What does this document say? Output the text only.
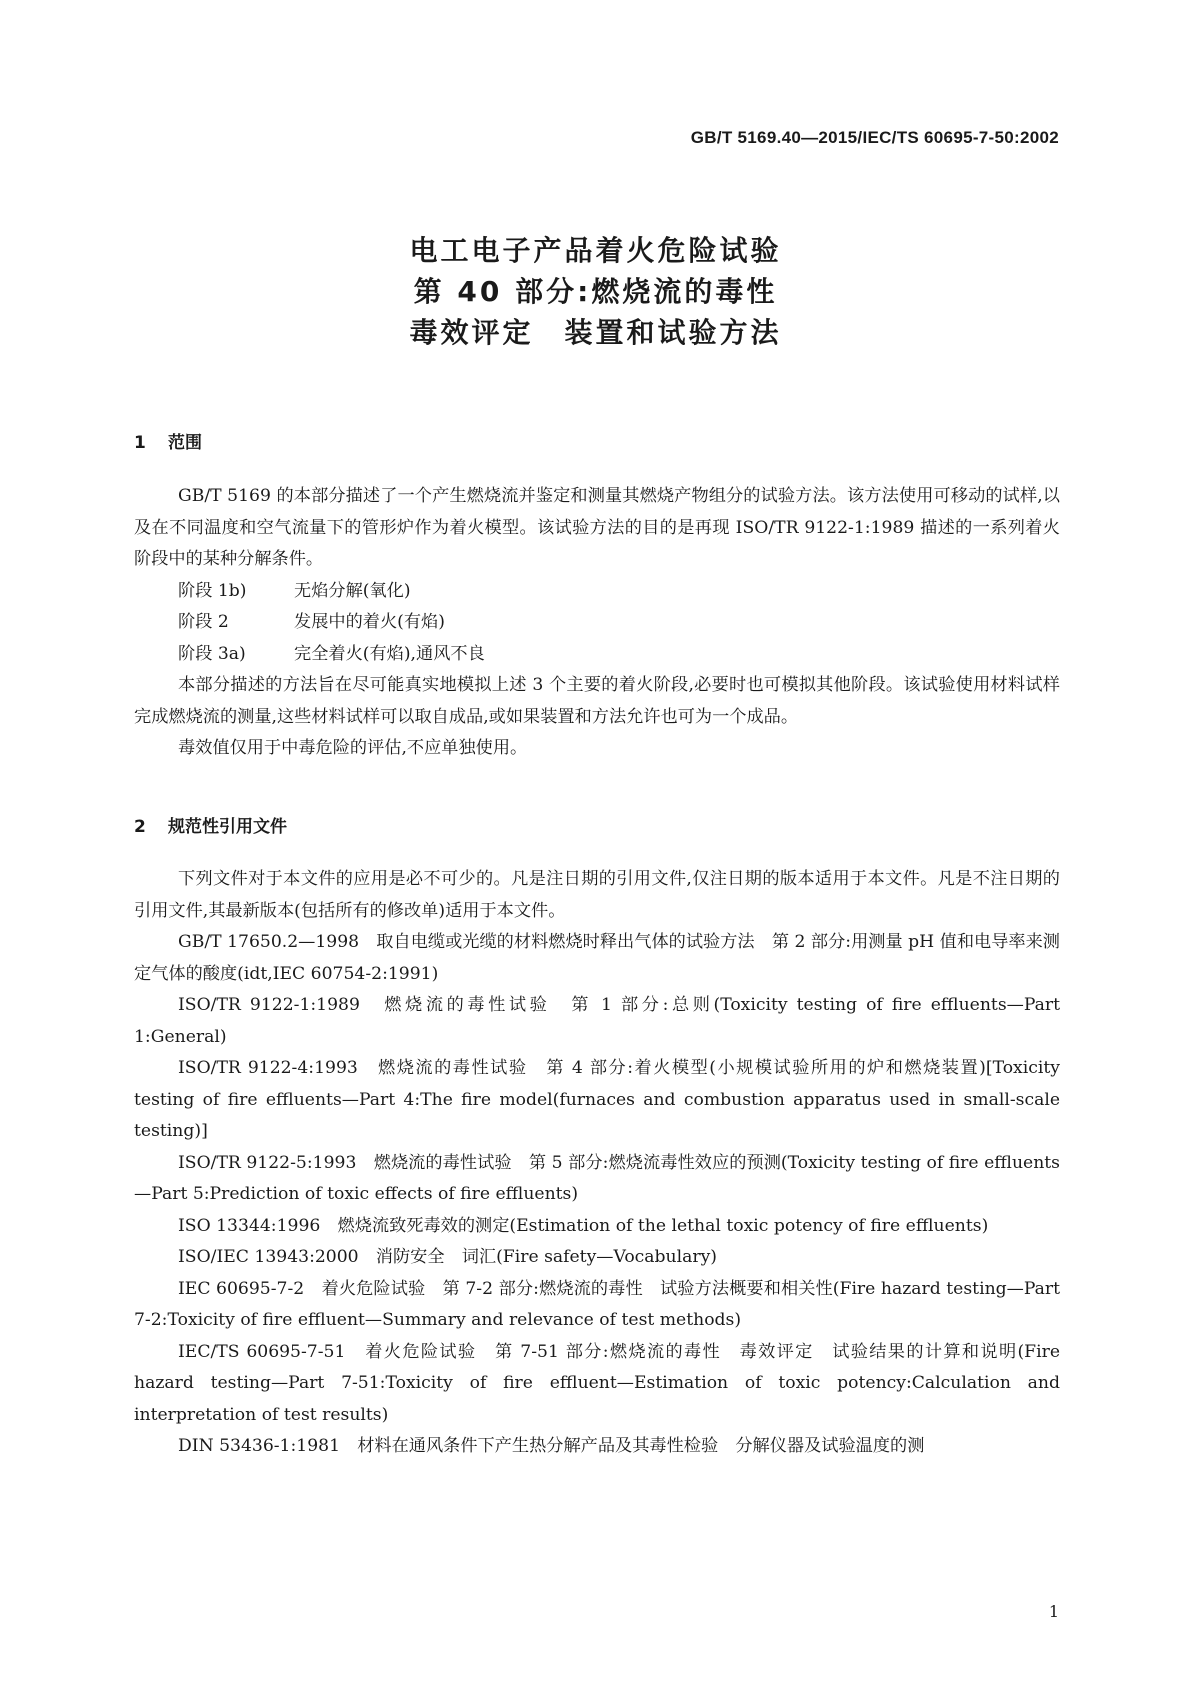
GB/T 5169.40—2015/IEC/TS 60695-7-50:2002
电工电子产品着火危险试验
第 40 部分:燃烧流的毒性
毒效评定　装置和试验方法
1 范围

GB/T 5169 的本部分描述了一个产生燃烧流并鉴定和测量其燃烧产物组分的试验方法。该方法使用可移动的试样,以及在不同温度和空气流量下的管形炉作为着火模型。该试验方法的目的是再现 ISO/TR 9122-1:1989 描述的一系列着火阶段中的某种分解条件。

阶段 1b)	无焰分解(氧化)

阶段 2	发展中的着火(有焰)

阶段 3a)	完全着火(有焰),通风不良

本部分描述的方法旨在尽可能真实地模拟上述 3 个主要的着火阶段,必要时也可模拟其他阶段。该试验使用材料试样完成燃烧流的测量,这些材料试样可以取自成品,或如果装置和方法允许也可为一个成品。

毒效值仅用于中毒危险的评估,不应单独使用。

2 规范性引用文件

下列文件对于本文件的应用是必不可少的。凡是注日期的引用文件,仅注日期的版本适用于本文件。凡是不注日期的引用文件,其最新版本(包括所有的修改单)适用于本文件。

GB/T 17650.2—1998　取自电缆或光缆的材料燃烧时释出气体的试验方法　第 2 部分:用测量 pH 值和电导率来测定气体的酸度(idt,IEC 60754-2:1991)

ISO/TR 9122-1:1989　燃烧流的毒性试验　第 1 部分:总则(Toxicity testing of fire effluents—Part 1:General)

ISO/TR 9122-4:1993　燃烧流的毒性试验　第 4 部分:着火模型(小规模试验所用的炉和燃烧装置)[Toxicity testing of fire effluents—Part 4:The fire model(furnaces and combustion apparatus used in small-scale testing)]

ISO/TR 9122-5:1993　燃烧流的毒性试验　第 5 部分:燃烧流毒性效应的预测(Toxicity testing of fire effluents—Part 5:Prediction of toxic effects of fire effluents)

ISO 13344:1996　燃烧流致死毒效的测定(Estimation of the lethal toxic potency of fire effluents)

ISO/IEC 13943:2000　消防安全　词汇(Fire safety—Vocabulary)

IEC 60695-7-2　着火危险试验　第 7-2 部分:燃烧流的毒性　试验方法概要和相关性(Fire hazard testing—Part 7-2:Toxicity of fire effluent—Summary and relevance of test methods)

IEC/TS 60695-7-51　着火危险试验　第 7-51 部分:燃烧流的毒性　毒效评定　试验结果的计算和说明(Fire hazard testing—Part 7-51:Toxicity of fire effluent—Estimation of toxic potency:Calculation and interpretation of test results)

DIN 53436-1:1981　材料在通风条件下产生热分解产品及其毒性检验　分解仪器及试验温度的测

1
